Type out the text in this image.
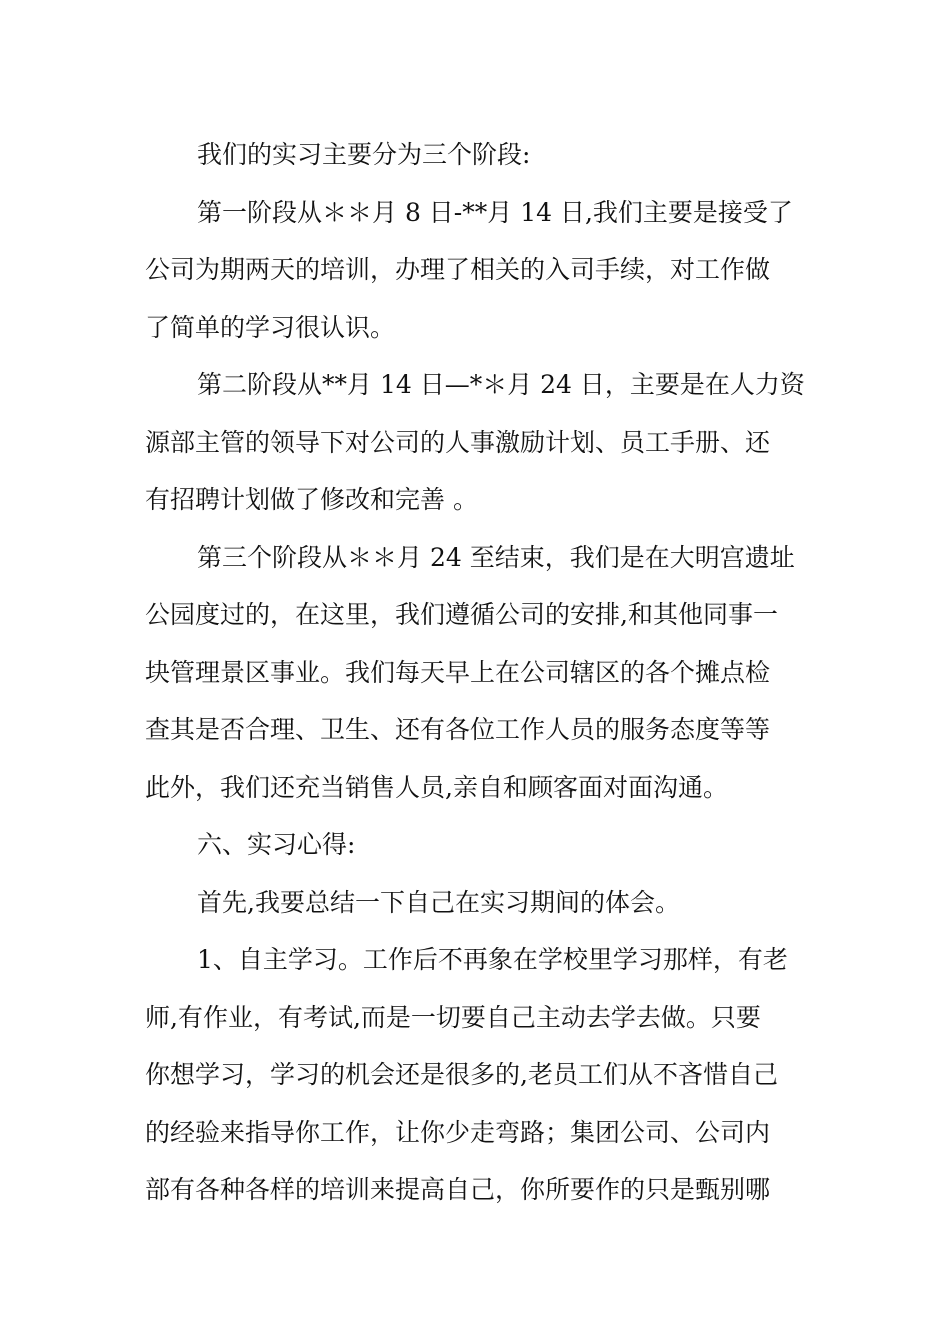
我们的实习主要分为三个阶段:
第一阶段从＊＊月 8 日-**月 14 日,我们主要是接受了
公司为期两天的培训，办理了相关的入司手续，对工作做
了简单的学习很认识。
第二阶段从**月 14 日—*＊月 24 日，主要是在人力资
源部主管的领导下对公司的人事激励计划、员工手册、还
有招聘计划做了修改和完善 。
第三个阶段从＊＊月 24 至结束，我们是在大明宫遗址
公园度过的，在这里，我们遵循公司的安排,和其他同事一
块管理景区事业。我们每天早上在公司辖区的各个摊点检
查其是否合理、卫生、还有各位工作人员的服务态度等等
此外，我们还充当销售人员,亲自和顾客面对面沟通。
六、实习心得:
首先,我要总结一下自己在实习期间的体会。
1、自主学习。工作后不再象在学校里学习那样，有老
师,有作业，有考试,而是一切要自己主动去学去做。只要
你想学习，学习的机会还是很多的,老员工们从不吝惜自己
的经验来指导你工作，让你少走弯路；集团公司、公司内
部有各种各样的培训来提高自己，你所要作的只是甄别哪
